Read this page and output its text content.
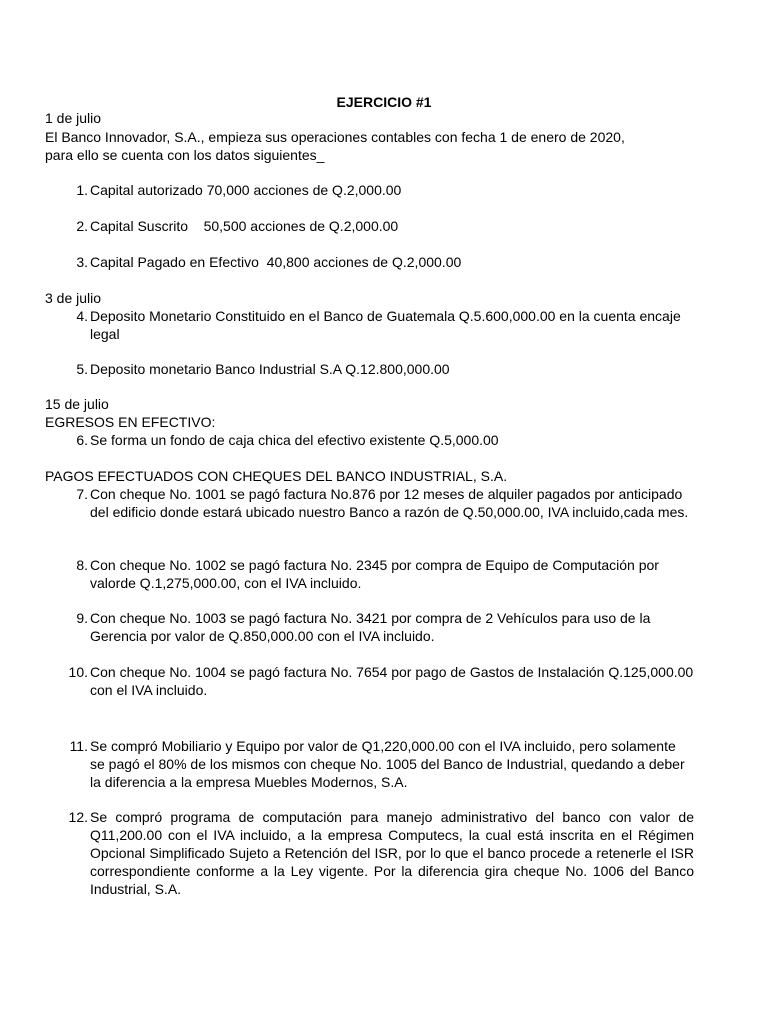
EJERCICIO #1
1 de julio
El Banco Innovador, S.A., empieza sus operaciones contables con fecha 1 de enero de 2020,
para ello se cuenta con los datos siguientes_
1. Capital autorizado 70,000 acciones de Q.2,000.00
2. Capital Suscrito    50,500 acciones de Q.2,000.00
3. Capital Pagado en Efectivo  40,800 acciones de Q.2,000.00
3 de julio
4. Deposito Monetario Constituido en el Banco de Guatemala Q.5.600,000.00 en la cuenta encaje legal
5. Deposito monetario Banco Industrial S.A Q.12.800,000.00
15 de julio
EGRESOS EN EFECTIVO:
6. Se forma un fondo de caja chica del efectivo existente Q.5,000.00
PAGOS EFECTUADOS CON CHEQUES DEL BANCO INDUSTRIAL, S.A.
7. Con cheque No. 1001 se pagó factura No.876 por 12 meses de alquiler pagados por anticipado del edificio donde estará ubicado nuestro Banco a razón de Q.50,000.00, IVA incluido,cada mes.
8. Con cheque No. 1002 se pagó factura No. 2345 por compra de Equipo de Computación por valorde Q.1,275,000.00, con el IVA incluido.
9. Con cheque No. 1003 se pagó factura No. 3421 por compra de 2 Vehículos para uso de la Gerencia por valor de Q.850,000.00 con el IVA incluido.
10. Con cheque No. 1004 se pagó factura No. 7654 por pago de Gastos de Instalación Q.125,000.00 con el IVA incluido.
11. Se compró Mobiliario y Equipo por valor de Q1,220,000.00 con el IVA incluido, pero solamente se pagó el 80% de los mismos con cheque No. 1005 del Banco de Industrial, quedando a deber la diferencia a la empresa Muebles Modernos, S.A.
12. Se compró programa de computación para manejo administrativo del banco con valor de Q11,200.00 con el IVA incluido, a la empresa Computecs, la cual está inscrita en el Régimen Opcional Simplificado Sujeto a Retención del ISR, por lo que el banco procede a retenerle el ISR correspondiente conforme a la Ley vigente. Por la diferencia gira cheque No. 1006 del Banco Industrial, S.A.
